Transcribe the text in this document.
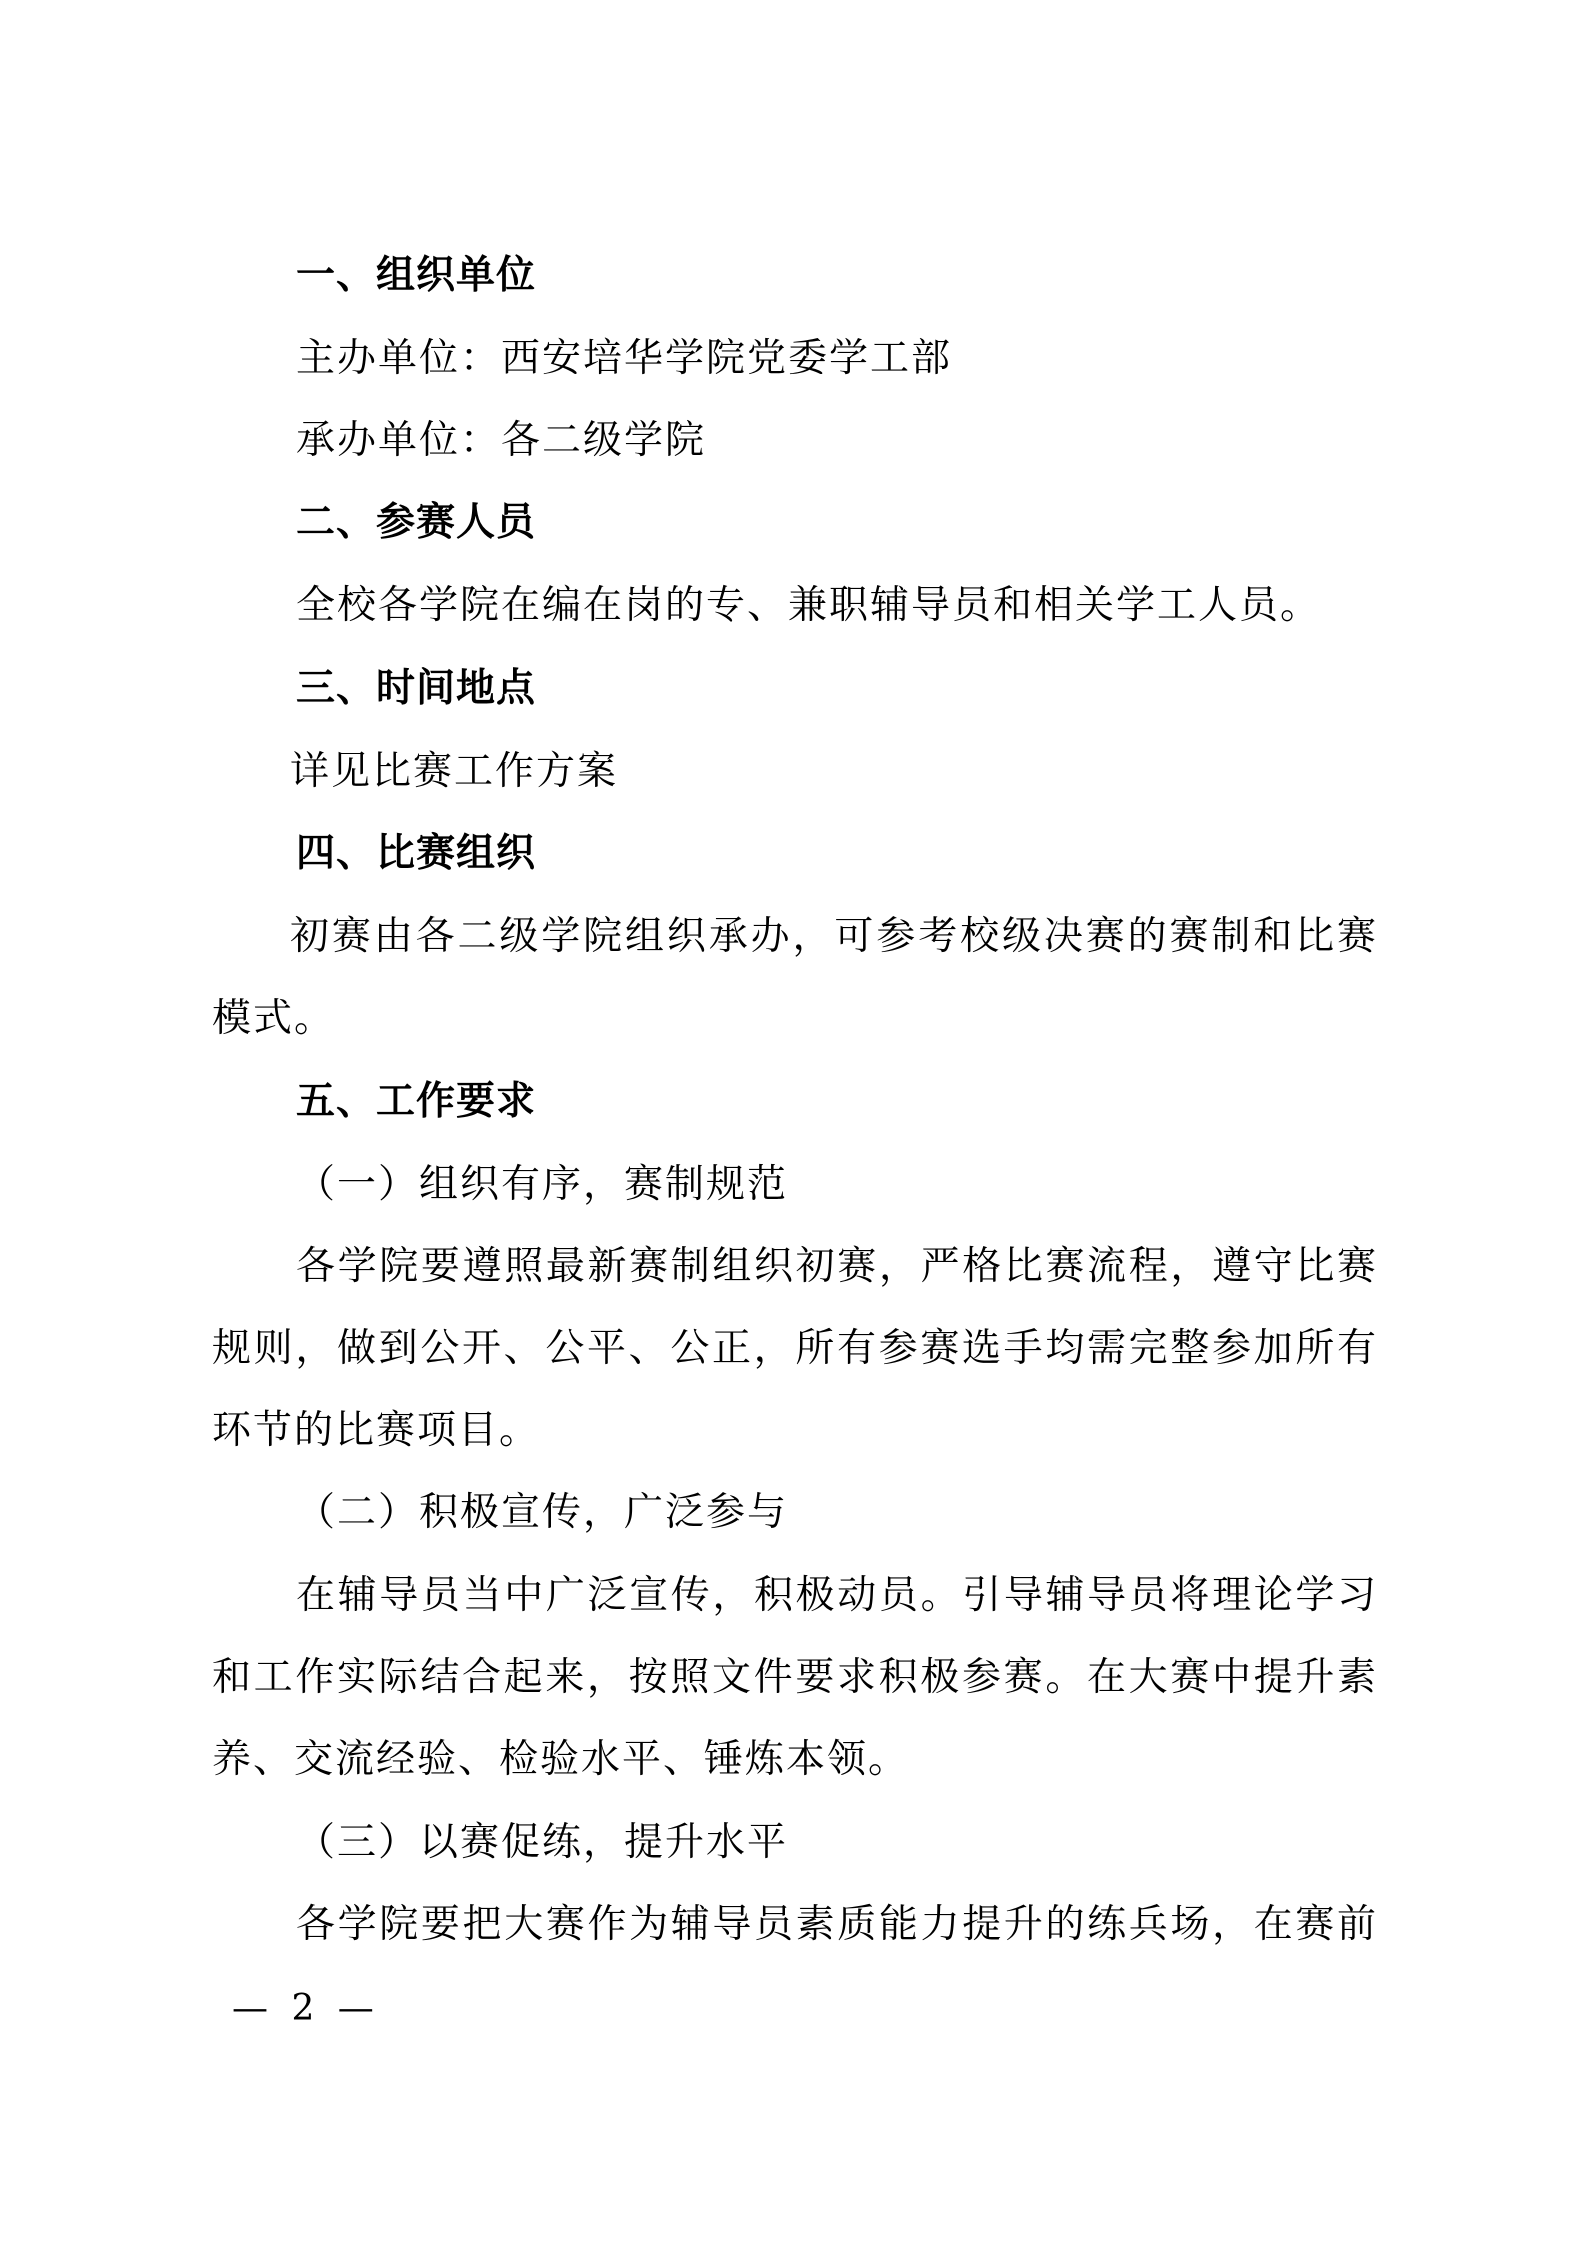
一、组织单位
主办单位：西安培华学院党委学工部
承办单位：各二级学院
二、参赛人员
全校各学院在编在岗的专、兼职辅导员和相关学工人员。
三、时间地点
详见比赛工作方案
四、比赛组织
初赛由各二级学院组织承办，可参考校级决赛的赛制和比赛
模式。
五、工作要求
（一）组织有序，赛制规范
各学院要遵照最新赛制组织初赛，严格比赛流程，遵守比赛
规则，做到公开、公平、公正，所有参赛选手均需完整参加所有
环节的比赛项目。
（二）积极宣传，广泛参与
在辅导员当中广泛宣传，积极动员。引导辅导员将理论学习
和工作实际结合起来，按照文件要求积极参赛。在大赛中提升素
养、交流经验、检验水平、锤炼本领。
（三）以赛促练，提升水平
各学院要把大赛作为辅导员素质能力提升的练兵场，在赛前
— 2 —
